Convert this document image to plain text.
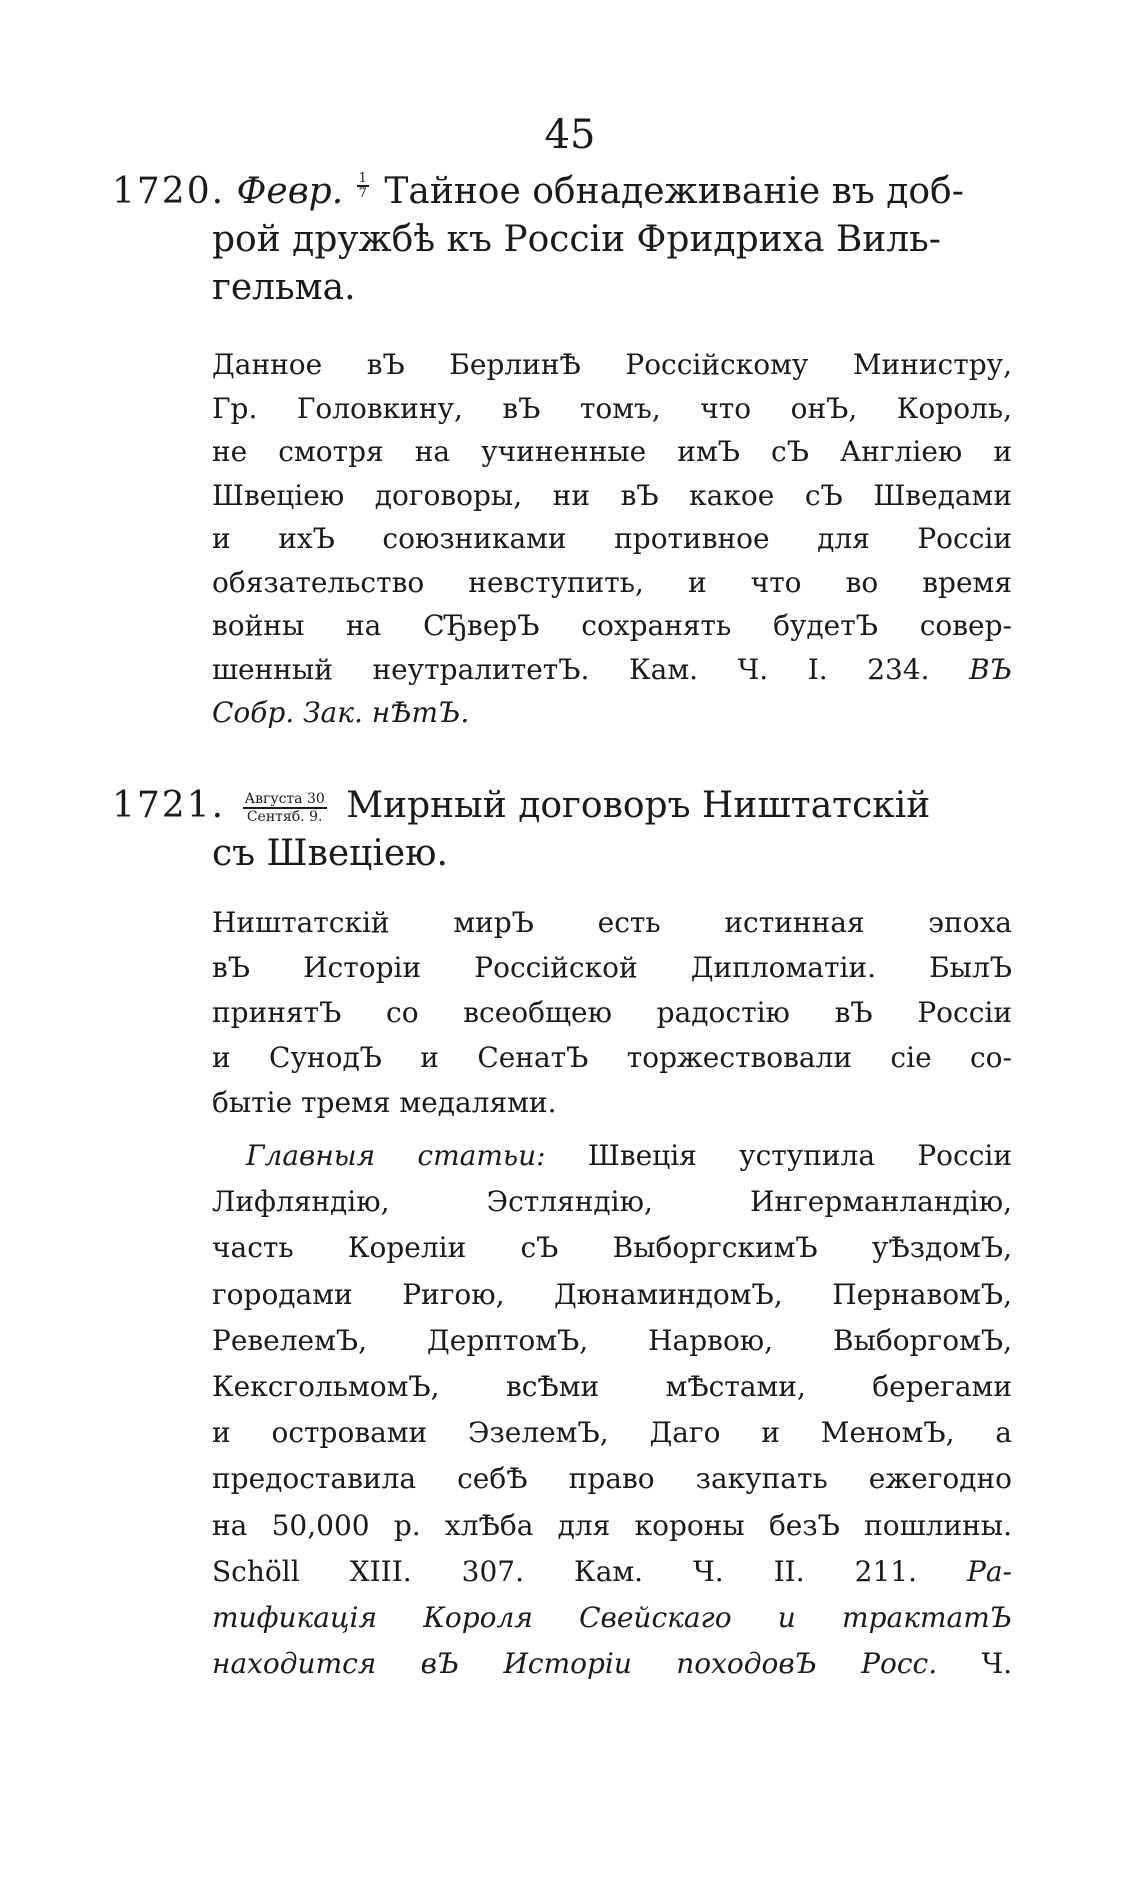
45
1720. Февр. $\frac{1}{7}$ Тайное обнадеживаніе въ доб-
рой дружбѣ къ Россіи Фридриха Виль-
гельма.
Данное вЪ БерлинѢ Россійскому Министру,
Гр. Головкину, вЪ томъ, что онЪ, Король,
не смотря на учиненные имЪ сЪ Англіею и
Швеціею договоры, ни вЪ какое сЪ Шведами
и ихЪ союзниками противное для Россіи
обязательство невступить, и что во время
войны на СЂверЪ сохранять будетЪ совер-
шенный неутралитетЪ. Кам. Ч. I. 234. ВЪ
Собр. Зак. нѢтЪ.
1721. $\frac{\text{Августа 30}}{\text{Сентяб. 9.}}$ Мирный договоръ Ништатскій
съ Швеціею.
Ништатскій мирЪ есть истинная эпоха
вЪ Исторіи Россійской Дипломатіи. БылЪ
принятЪ со всеобщею радостію вЪ Россіи
и СунодЪ и СенатЪ торжествовали сіе со-
бытіе тремя медалями.
Главныя статьи: Швеція уступила Россіи
Лифляндію, Эстляндію, Ингерманландію,
часть Кореліи сЪ ВыборгскимЪ уѢздомЪ,
городами Ригою, ДюнаминдомЪ, ПернавомЪ,
РевелемЪ, ДерптомЪ, Нарвою, ВыборгомЪ,
КексгольмомЪ, всѢми мѢстами, берегами
и островами ЭзелемЪ, Даго и МеномЪ, а
предоставила себѢ право закупать ежегодно
на 50,000 р. хлѢба для короны безЪ пошлины.
Schöll XIII. 307. Кам. Ч. II. 211. Ра-
тификація Короля Свейскаго и трактатЪ
находится вЪ Исторіи походовЪ Росс. Ч.
